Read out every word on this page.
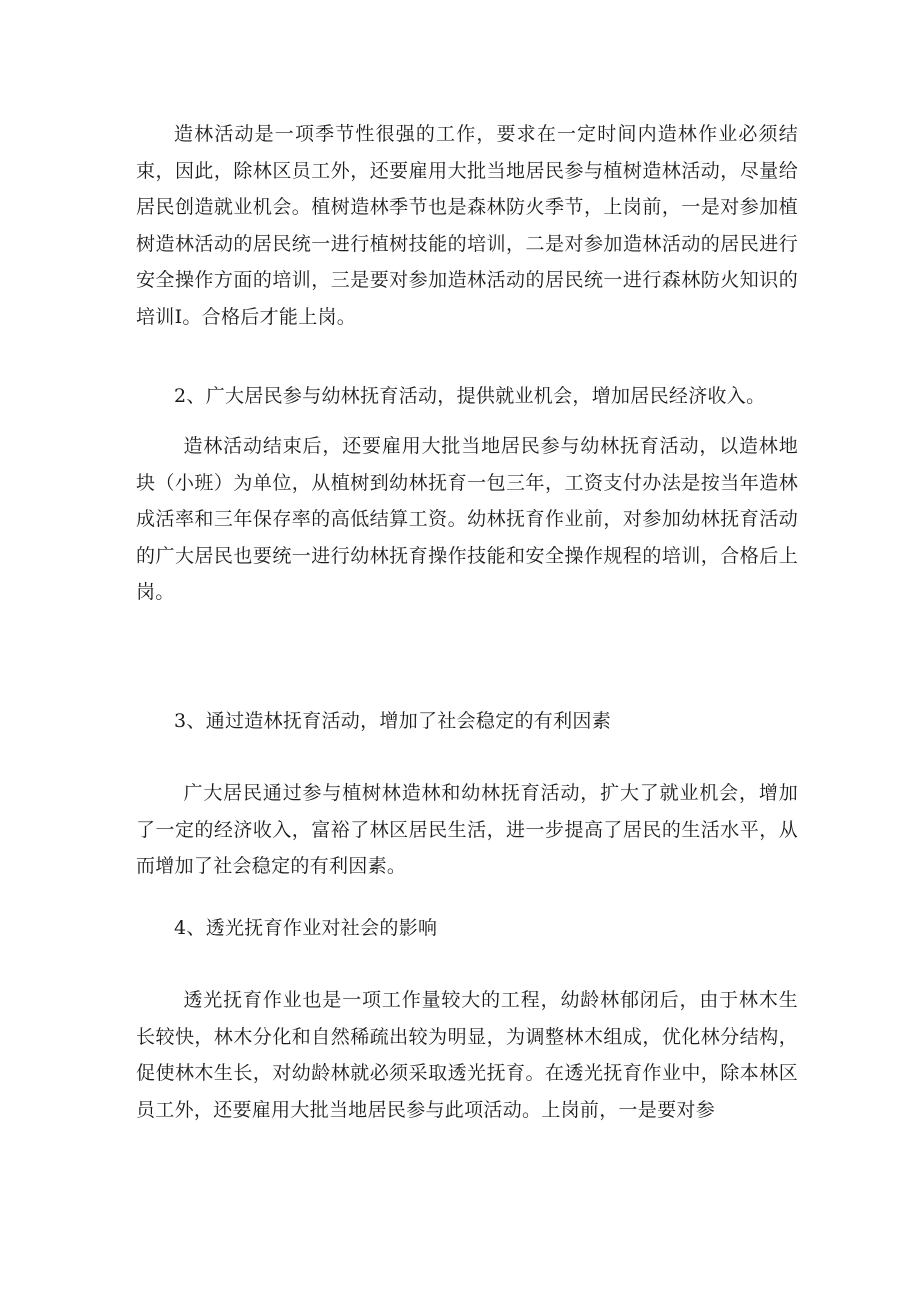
造林活动是一项季节性很强的工作，要求在一定时间内造林作业必须结束，因此，除林区员工外，还要雇用大批当地居民参与植树造林活动，尽量给居民创造就业机会。植树造林季节也是森林防火季节，上岗前，一是对参加植树造林活动的居民统一进行植树技能的培训，二是对参加造林活动的居民进行安全操作方面的培训，三是要对参加造林活动的居民统一进行森林防火知识的培训I。合格后才能上岗。

2、广大居民参与幼林抚育活动，提供就业机会，增加居民经济收入。

造林活动结束后，还要雇用大批当地居民参与幼林抚育活动，以造林地块（小班）为单位，从植树到幼林抚育一包三年，工资支付办法是按当年造林成活率和三年保存率的高低结算工资。幼林抚育作业前，对参加幼林抚育活动的广大居民也要统一进行幼林抚育操作技能和安全操作规程的培训，合格后上岗。

3、通过造林抚育活动，增加了社会稳定的有利因素

广大居民通过参与植树林造林和幼林抚育活动，扩大了就业机会，增加了一定的经济收入，富裕了林区居民生活，进一步提高了居民的生活水平，从而增加了社会稳定的有利因素。

4、透光抚育作业对社会的影响

透光抚育作业也是一项工作量较大的工程，幼龄林郁闭后，由于林木生长较快，林木分化和自然稀疏出较为明显，为调整林木组成，优化林分结构，促使林木生长，对幼龄林就必须采取透光抚育。在透光抚育作业中，除本林区员工外，还要雇用大批当地居民参与此项活动。上岗前，一是要对参
